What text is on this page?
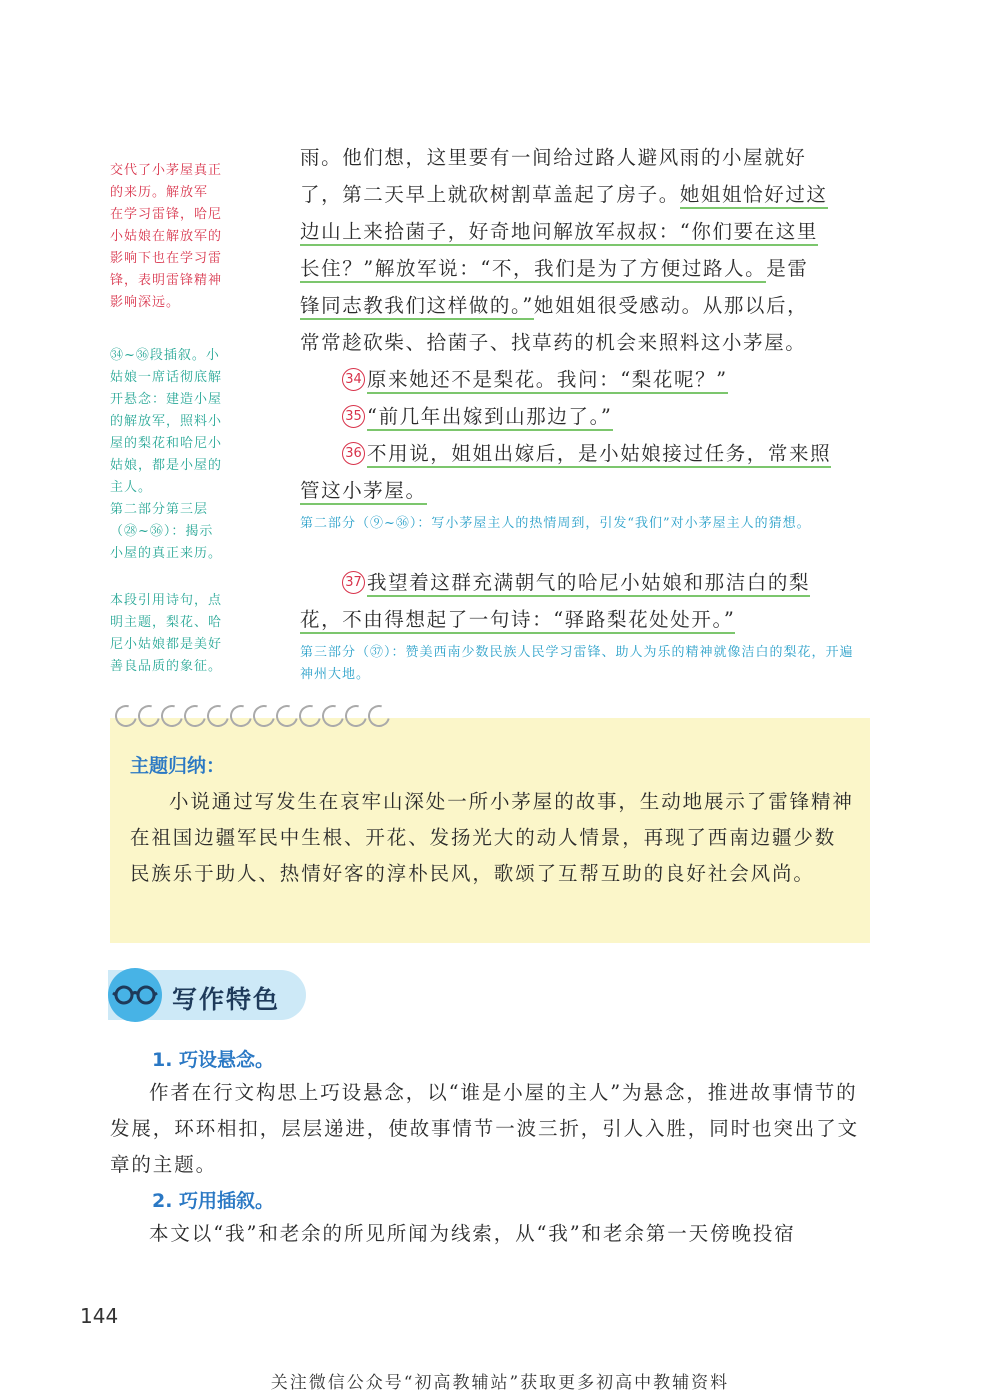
交代了小茅屋真正
的来历。解放军
在学习雷锋，哈尼
小姑娘在解放军的
影响下也在学习雷
锋，表明雷锋精神
影响深远。
㉞~㊱段插叙。小
姑娘一席话彻底解
开悬念：建造小屋
的解放军，照料小
屋的梨花和哈尼小
姑娘，都是小屋的
主人。
第二部分第三层
（㉘~㊱）：揭示
小屋的真正来历。
本段引用诗句，点
明主题，梨花、哈
尼小姑娘都是美好
善良品质的象征。
雨。他们想，这里要有一间给过路人避风雨的小屋就好
了，第二天早上就砍树割草盖起了房子。她姐姐恰好过这
边山上来拾菌子，好奇地问解放军叔叔：“你们要在这里
长住？”解放军说：“不，我们是为了方便过路人。是雷
锋同志教我们这样做的。”她姐姐很受感动。从那以后，
常常趁砍柴、拾菌子、找草药的机会来照料这小茅屋。
34 原来她还不是梨花。我问：“梨花呢？”
35 “前几年出嫁到山那边了。”
36 不用说，姐姐出嫁后，是小姑娘接过任务，常来照
管这小茅屋。
第二部分（⑨~㊱）：写小茅屋主人的热情周到，引发“我们”对小茅屋主人的猜想。
37 我望着这群充满朝气的哈尼小姑娘和那洁白的梨
花，不由得想起了一句诗：“驿路梨花处处开。”
第三部分（㊲）：赞美西南少数民族人民学习雷锋、助人为乐的精神就像洁白的梨花，开遍神州大地。
主题归纳：

小说通过写发生在哀牢山深处一所小茅屋的故事，生动地展示了雷锋精神在祖国边疆军民中生根、开花、发扬光大的动人情景，再现了西南边疆少数民族乐于助人、热情好客的淳朴民风，歌颂了互帮互助的良好社会风尚。

写作特色
1. 巧设悬念。

作者在行文构思上巧设悬念，以“谁是小屋的主人”为悬念，推进故事情节的发展，环环相扣，层层递进，使故事情节一波三折，引人入胜，同时也突出了文章的主题。

2. 巧用插叙。

本文以“我”和老余的所见所闻为线索，从“我”和老余第一天傍晚投宿

144
关注微信公众号“初高教辅站”获取更多初高中教辅资料
